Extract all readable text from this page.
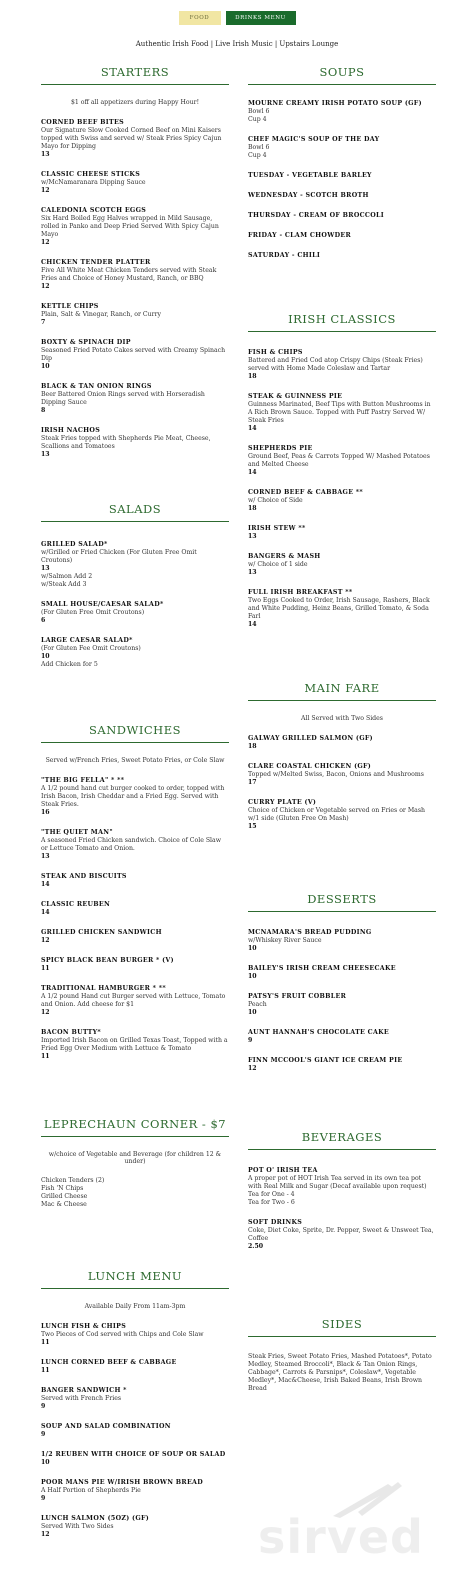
FOOD	DRINKS MENU
Authentic Irish Food | Live Irish Music | Upstairs Lounge
STARTERS
$1 off all appetizers during Happy Hour!
CORNED BEEF BITES
Our Signature Slow Cooked Corned Beef on Mini Kaisers topped with Swiss and served w/ Steak Fries Spicy Cajun Mayo for Dipping
13
CLASSIC CHEESE STICKS
w/McNamaranara Dipping Sauce
12
CALEDONIA SCOTCH EGGS
Six Hard Boiled Egg Halves wrapped in Mild Sausage, rolled in Panko and Deep Fried Served With Spicy Cajun Mayo
12
CHICKEN TENDER PLATTER
Five All White Meat Chicken Tenders served with Steak Fries and Choice of Honey Mustard, Ranch, or BBQ
12
KETTLE CHIPS
Plain, Salt & Vinegar, Ranch, or Curry
7
BOXTY & SPINACH DIP
Seasoned Fried Potato Cakes served with Creamy Spinach Dip
10
BLACK & TAN ONION RINGS
Beer Battered Onion Rings served with Horseradish Dipping Sauce
8
IRISH NACHOS
Steak Fries topped with Shepherds Pie Meat, Cheese, Scallions and Tomatoes
13
SALADS
GRILLED SALAD*
w/Grilled or Fried Chicken (For Gluten Free Omit Croutons)
13
w/Salmon Add 2
w/Steak Add 3
SMALL HOUSE/CAESAR SALAD*
(For Gluten Free Omit Croutons)
6
LARGE CAESAR SALAD*
(For Gluten Fee Omit Croutons)
10
Add Chicken for 5
SANDWICHES
Served w/French Fries, Sweet Potato Fries, or Cole Slaw
"THE BIG FELLA" * **
A 1/2 pound hand cut burger cooked to order, topped with Irish Bacon, Irish Cheddar and a Fried Egg. Served with Steak Fries.
16
"THE QUIET MAN"
A seasoned Fried Chicken sandwich. Choice of Cole Slaw or Lettuce Tomato and Onion.
13
STEAK AND BISCUITS
14
CLASSIC REUBEN
14
GRILLED CHICKEN SANDWICH
12
SPICY BLACK BEAN BURGER * (V)
11
TRADITIONAL HAMBURGER * **
A 1/2 pound Hand cut Burger served with Lettuce, Tomato and Onion. Add cheese for $1
12
BACON BUTTY*
Imported Irish Bacon on Grilled Texas Toast, Topped with a Fried Egg Over Medium with Lettuce & Tomato
11
LEPRECHAUN CORNER - $7
w/choice of Vegetable and Beverage (for children 12 & under)
Chicken Tenders (2)
Fish 'N Chips
Grilled Cheese
Mac & Cheese
LUNCH MENU
Available Daily From 11am-3pm
LUNCH FISH & CHIPS
Two Pieces of Cod served with Chips and Cole Slaw
11
LUNCH CORNED BEEF & CABBAGE
11
BANGER SANDWICH *
Served with French Fries
9
SOUP AND SALAD COMBINATION
9
1/2 REUBEN WITH CHOICE OF SOUP OR SALAD
10
POOR MANS PIE W/IRISH BROWN BREAD
A Half Portion of Shepherds Pie
9
LUNCH SALMON (5OZ) (GF)
Served With Two Sides
12
SOUPS
MOURNE CREAMY IRISH POTATO SOUP (GF)
Bowl 6
Cup 4
CHEF MAGIC'S SOUP OF THE DAY
Bowl 6
Cup 4
TUESDAY - VEGETABLE BARLEY
WEDNESDAY - SCOTCH BROTH
THURSDAY - CREAM OF BROCCOLI
FRIDAY - CLAM CHOWDER
SATURDAY - CHILI
IRISH CLASSICS
FISH & CHIPS
Battered and Fried Cod atop Crispy Chips (Steak Fries) served with Home Made Coleslaw and Tartar
18
STEAK & GUINNESS PIE
Guinness Marinated, Beef Tips with Button Mushrooms in A Rich Brown Sauce. Topped with Puff Pastry Served W/ Steak Fries
14
SHEPHERDS PIE
Ground Beef, Peas & Carrots Topped W/ Mashed Potatoes and Melted Cheese
14
CORNED BEEF & CABBAGE **
w/ Choice of Side
18
IRISH STEW **
13
BANGERS & MASH
w/ Choice of 1 side
13
FULL IRISH BREAKFAST **
Two Eggs Cooked to Order, Irish Sausage, Rashers, Black and White Pudding, Heinz Beans, Grilled Tomato, & Soda Farl
14
MAIN FARE
All Served with Two Sides
GALWAY GRILLED SALMON (GF)
18
CLARE COASTAL CHICKEN (GF)
Topped w/Melted Swiss, Bacon, Onions and Mushrooms
17
CURRY PLATE (V)
Choice of Chicken or Vegetable served on Fries or Mash w/1 side (Gluten Free On Mash)
15
DESSERTS
MCNAMARA'S BREAD PUDDING
w/Whiskey River Sauce
10
BAILEY'S IRISH CREAM CHEESECAKE
10
PATSY'S FRUIT COBBLER
Peach
10
AUNT HANNAH'S CHOCOLATE CAKE
9
FINN MCCOOL'S GIANT ICE CREAM PIE
12
BEVERAGES
POT O' IRISH TEA
A proper pot of HOT Irish Tea served in its own tea pot with Real Milk and Sugar (Decaf available upon request)
Tea for One - 4
Tea for Two - 6
SOFT DRINKS
Coke, Diet Coke, Sprite, Dr. Pepper, Sweet & Unsweet Tea, Coffee
2.50
SIDES
Steak Fries, Sweet Potato Fries, Mashed Potatoes*, Potato Medley, Steamed Broccoli*, Black & Tan Onion Rings, Cabbage*, Carrots & Parsnips*, Coleslaw*, Vegetable Medley*, Mac&Cheese, Irish Baked Beans, Irish Brown Bread
sirved
